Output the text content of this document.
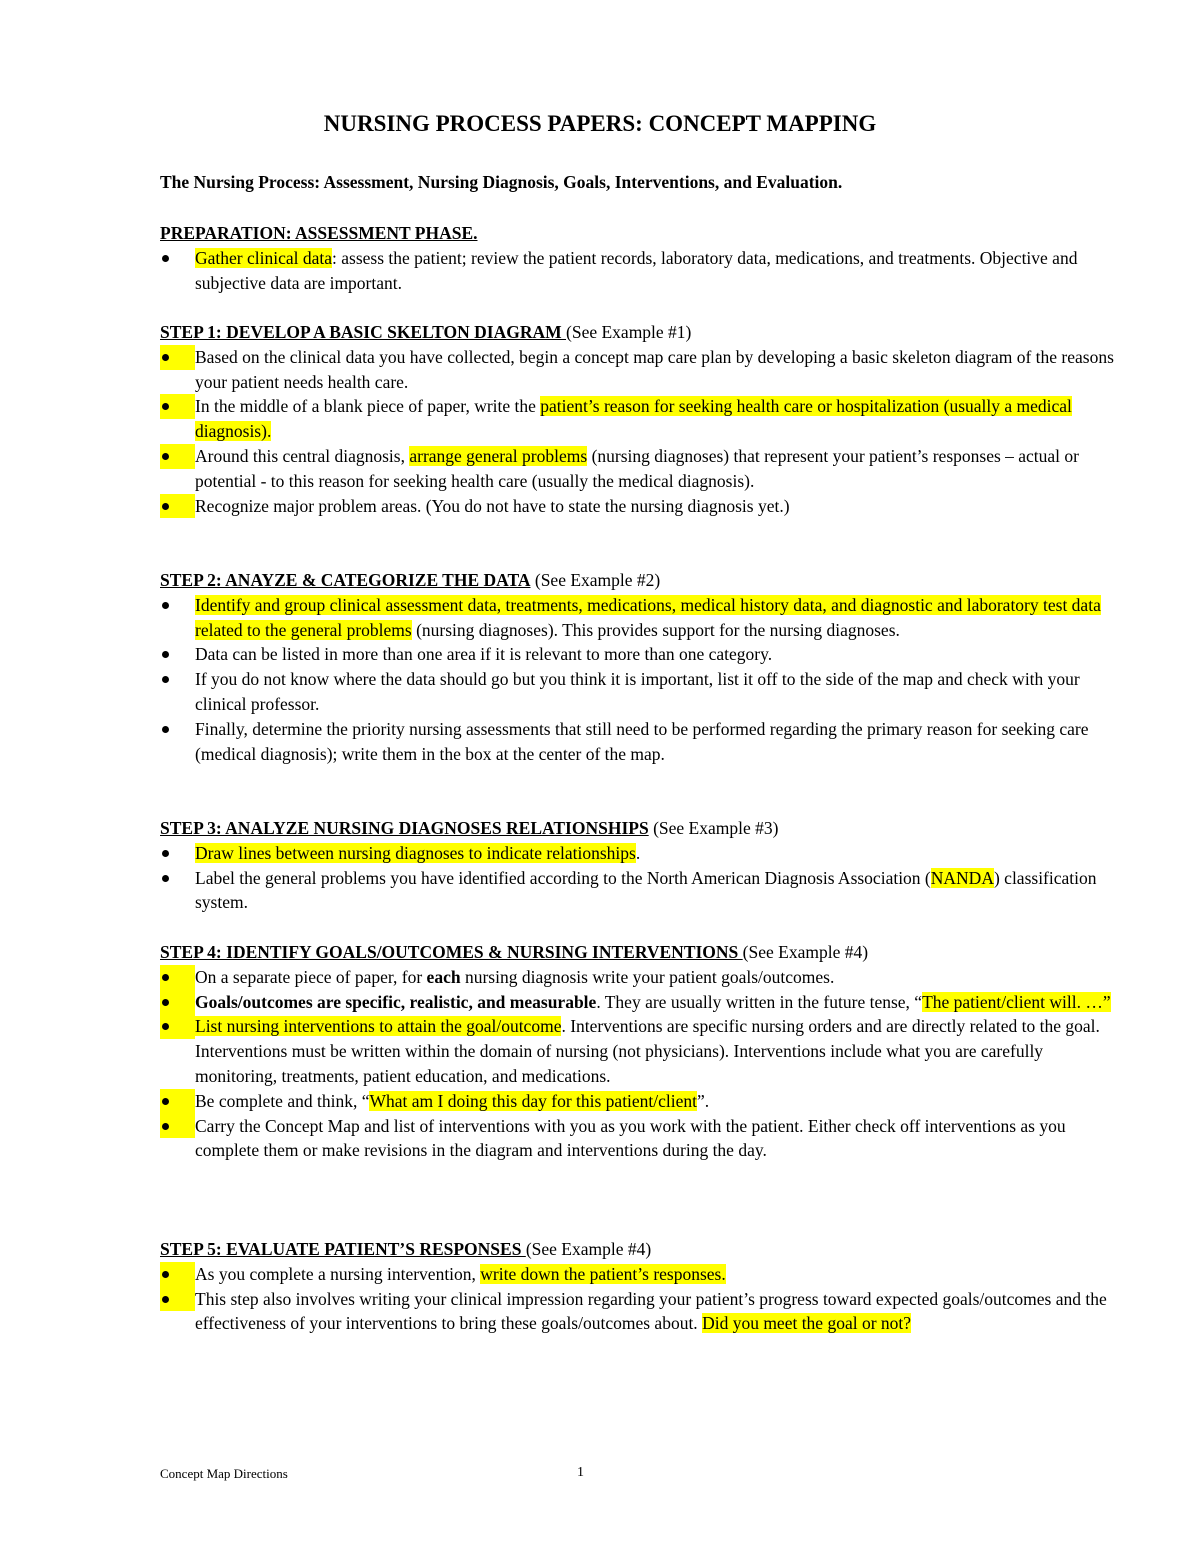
NURSING PROCESS PAPERS: CONCEPT MAPPING
The Nursing Process: Assessment, Nursing Diagnosis, Goals, Interventions, and Evaluation.
PREPARATION: ASSESSMENT PHASE.
Gather clinical data: assess the patient; review the patient records, laboratory data, medications, and treatments. Objective and subjective data are important.
STEP 1: DEVELOP A BASIC SKELTON DIAGRAM (See Example #1)
Based on the clinical data you have collected, begin a concept map care plan by developing a basic skeleton diagram of the reasons your patient needs health care.
In the middle of a blank piece of paper, write the patient’s reason for seeking health care or hospitalization (usually a medical diagnosis).
Around this central diagnosis, arrange general problems (nursing diagnoses) that represent your patient’s responses – actual or potential - to this reason for seeking health care (usually the medical diagnosis).
Recognize major problem areas. (You do not have to state the nursing diagnosis yet.)
STEP 2: ANAYZE & CATEGORIZE THE DATA (See Example #2)
Identify and group clinical assessment data, treatments, medications, medical history data, and diagnostic and laboratory test data related to the general problems (nursing diagnoses). This provides support for the nursing diagnoses.
Data can be listed in more than one area if it is relevant to more than one category.
If you do not know where the data should go but you think it is important, list it off to the side of the map and check with your clinical professor.
Finally, determine the priority nursing assessments that still need to be performed regarding the primary reason for seeking care (medical diagnosis); write them in the box at the center of the map.
STEP 3: ANALYZE NURSING DIAGNOSES RELATIONSHIPS (See Example #3)
Draw lines between nursing diagnoses to indicate relationships.
Label the general problems you have identified according to the North American Diagnosis Association (NANDA) classification system.
STEP 4: IDENTIFY GOALS/OUTCOMES & NURSING INTERVENTIONS (See Example #4)
On a separate piece of paper, for each nursing diagnosis write your patient goals/outcomes.
Goals/outcomes are specific, realistic, and measurable. They are usually written in the future tense, “The patient/client will. …”
List nursing interventions to attain the goal/outcome. Interventions are specific nursing orders and are directly related to the goal. Interventions must be written within the domain of nursing (not physicians). Interventions include what you are carefully monitoring, treatments, patient education, and medications.
Be complete and think, “What am I doing this day for this patient/client”.
Carry the Concept Map and list of interventions with you as you work with the patient. Either check off interventions as you complete them or make revisions in the diagram and interventions during the day.
STEP 5: EVALUATE PATIENT’S RESPONSES (See Example #4)
As you complete a nursing intervention, write down the patient’s responses.
This step also involves writing your clinical impression regarding your patient’s progress toward expected goals/outcomes and the effectiveness of your interventions to bring these goals/outcomes about. Did you meet the goal or not?
Concept Map Directions	1
